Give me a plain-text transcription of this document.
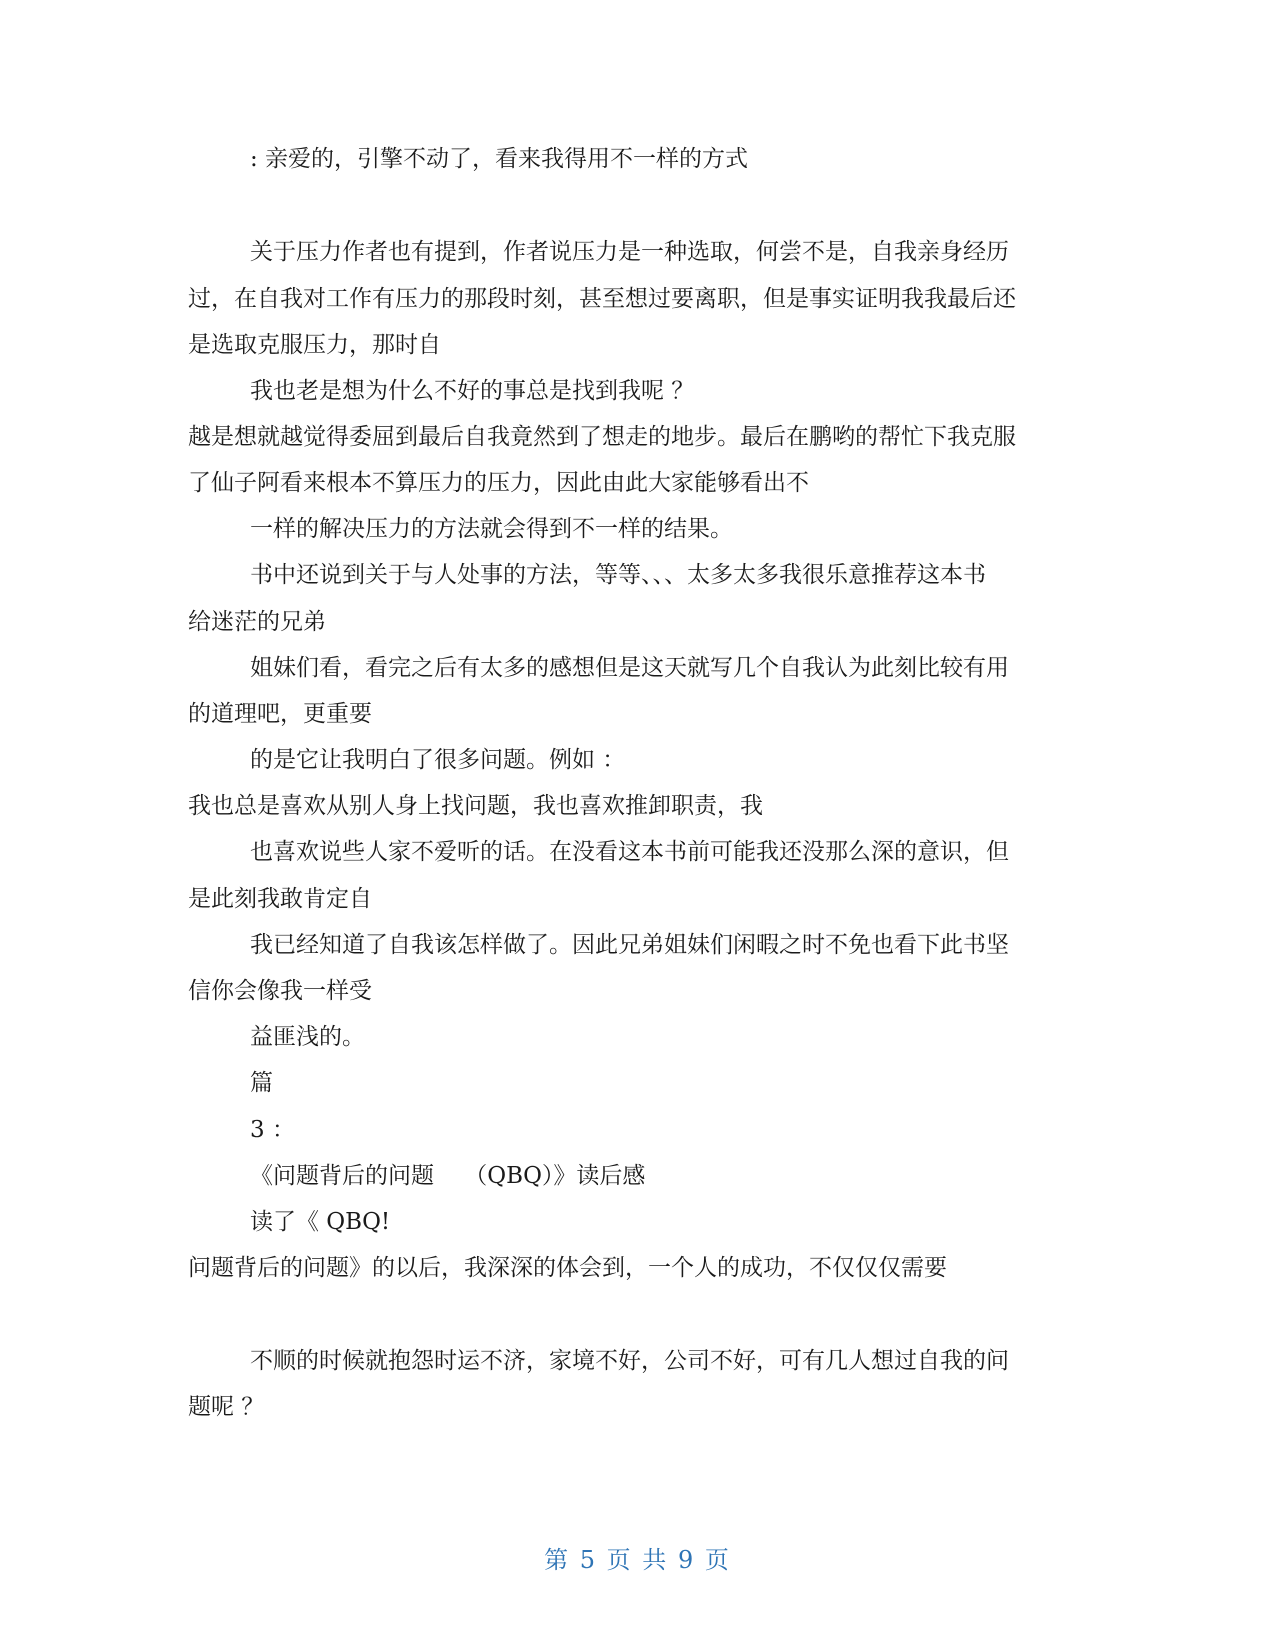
: 亲爱的，引擎不动了，看来我得用不一样的方式
关于压力作者也有提到，作者说压力是一种选取，何尝不是，自我亲身经历
过，在自我对工作有压力的那段时刻，甚至想过要离职，但是事实证明我我最后还
是选取克服压力，那时自
我也老是想为什么不好的事总是找到我呢 ？
越是想就越觉得委屈到最后自我竟然到了想走的地步。最后在鹏哟的帮忙下我克服
了仙子阿看来根本不算压力的压力，因此由此大家能够看出不
一样的解决压力的方法就会得到不一样的结果。
书中还说到关于与人处事的方法，等等、、、太多太多我很乐意推荐这本书
给迷茫的兄弟
姐妹们看，看完之后有太多的感想但是这天就写几个自我认为此刻比较有用
的道理吧，更重要
的是它让我明白了很多问题。例如 ：
我也总是喜欢从别人身上找问题，我也喜欢推卸职责，我
也喜欢说些人家不爱听的话。在没看这本书前可能我还没那么深的意识，但
是此刻我敢肯定自
我已经知道了自我该怎样做了。因此兄弟姐妹们闲暇之时不免也看下此书坚
信你会像我一样受
益匪浅的。
篇
3 ：
《问题背后的问题　 （QBQ）》读后感
读了《 QBQ!
问题背后的问题》的以后，我深深的体会到，一个人的成功，不仅仅仅需要
不顺的时候就抱怨时运不济，家境不好，公司不好，可有几人想过自我的问
题呢 ？
第 5 页 共 9 页
